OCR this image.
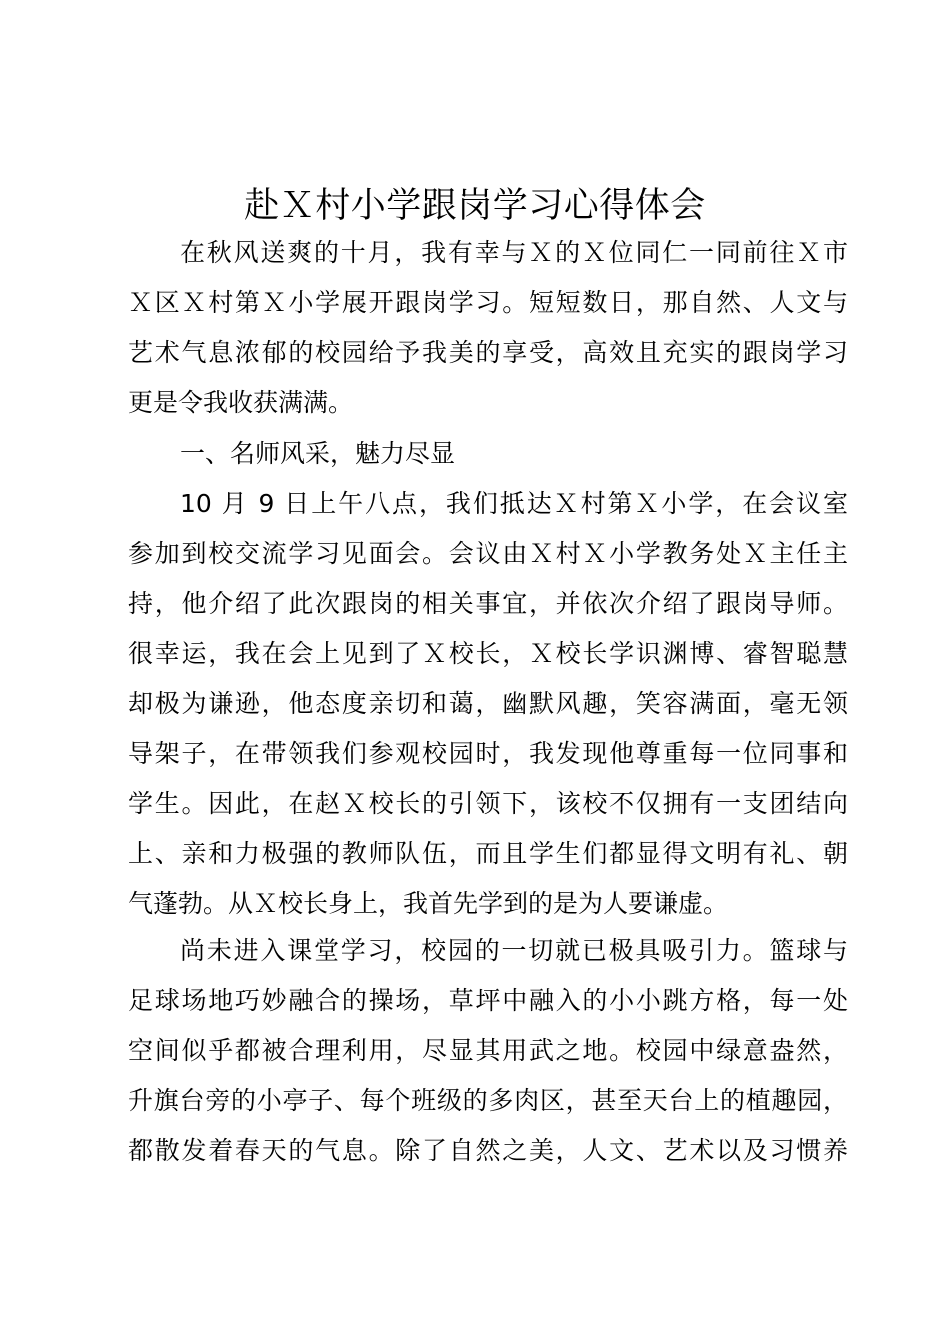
赴Ｘ村小学跟岗学习心得体会
在秋风送爽的十月，我有幸与Ｘ的Ｘ位同仁一同前往Ｘ市
Ｘ区Ｘ村第Ｘ小学展开跟岗学习。短短数日，那自然、人文与
艺术气息浓郁的校园给予我美的享受，高效且充实的跟岗学习
更是令我收获满满。
一、名师风采，魅力尽显
10 月 9 日上午八点，我们抵达Ｘ村第Ｘ小学，在会议室
参加到校交流学习见面会。会议由Ｘ村Ｘ小学教务处Ｘ主任主
持，他介绍了此次跟岗的相关事宜，并依次介绍了跟岗导师。
很幸运，我在会上见到了Ｘ校长，Ｘ校长学识渊博、睿智聪慧
却极为谦逊，他态度亲切和蔼，幽默风趣，笑容满面，毫无领
导架子，在带领我们参观校园时，我发现他尊重每一位同事和
学生。因此，在赵Ｘ校长的引领下，该校不仅拥有一支团结向
上、亲和力极强的教师队伍，而且学生们都显得文明有礼、朝
气蓬勃。从Ｘ校长身上，我首先学到的是为人要谦虚。
尚未进入课堂学习，校园的一切就已极具吸引力。篮球与
足球场地巧妙融合的操场，草坪中融入的小小跳方格，每一处
空间似乎都被合理利用，尽显其用武之地。校园中绿意盎然，
升旗台旁的小亭子、每个班级的多肉区，甚至天台上的植趣园，
都散发着春天的气息。除了自然之美，人文、艺术以及习惯养
